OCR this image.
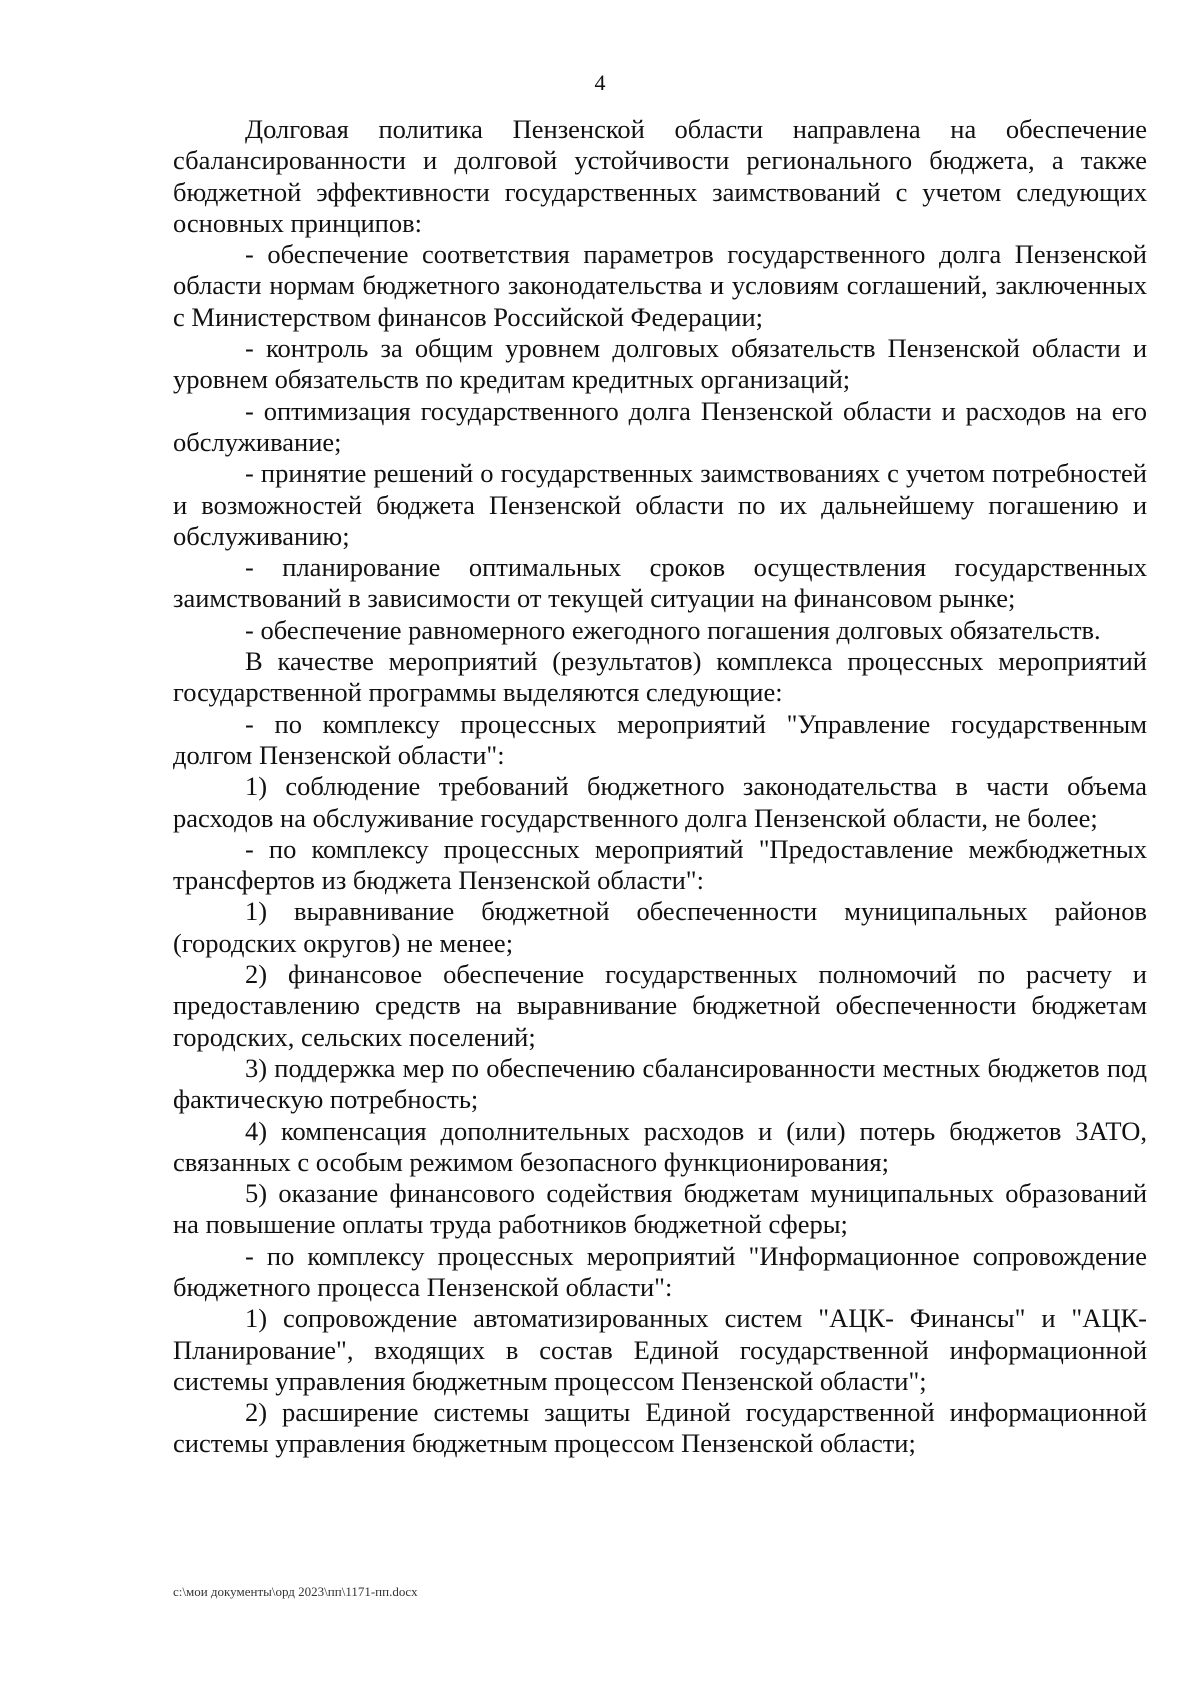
4

Долговая политика Пензенской области направлена на обеспечение сбалансированности и долговой устойчивости регионального бюджета, а также бюджетной эффективности государственных заимствований с учетом следующих основных принципов:

- обеспечение соответствия параметров государственного долга Пензенской области нормам бюджетного законодательства и условиям соглашений, заключенных с Министерством финансов Российской Федерации;

- контроль за общим уровнем долговых обязательств Пензенской области и уровнем обязательств по кредитам кредитных организаций;

- оптимизация государственного долга Пензенской области и расходов на его обслуживание;

- принятие решений о государственных заимствованиях с учетом потребностей и возможностей бюджета Пензенской области по их дальнейшему погашению и обслуживанию;

- планирование оптимальных сроков осуществления государственных заимствований в зависимости от текущей ситуации на финансовом рынке;

- обеспечение равномерного ежегодного погашения долговых обязательств.

В качестве мероприятий (результатов) комплекса процессных мероприятий государственной программы выделяются следующие:

- по комплексу процессных мероприятий "Управление государственным долгом Пензенской области":

1) соблюдение требований бюджетного законодательства в части объема расходов на обслуживание государственного долга Пензенской области, не более;

- по комплексу процессных мероприятий "Предоставление межбюджетных трансфертов из бюджета Пензенской области":

1) выравнивание бюджетной обеспеченности муниципальных районов (городских округов) не менее;

2) финансовое обеспечение государственных полномочий по расчету и предоставлению средств на выравнивание бюджетной обеспеченности бюджетам городских, сельских поселений;

3) поддержка мер по обеспечению сбалансированности местных бюджетов под фактическую потребность;

4) компенсация дополнительных расходов и (или) потерь бюджетов ЗАТО, связанных с особым режимом безопасного функционирования;

5) оказание финансового содействия бюджетам муниципальных образований на повышение оплаты труда работников бюджетной сферы;

- по комплексу процессных мероприятий "Информационное сопровождение бюджетного процесса Пензенской области":

1) сопровождение автоматизированных систем "АЦК- Финансы" и "АЦК-Планирование", входящих в состав Единой государственной информационной системы управления бюджетным процессом Пензенской области";

2) расширение системы защиты Единой государственной информационной системы управления бюджетным процессом Пензенской области;

c:\мои документы\орд 2023\пп\1171-пп.docx
